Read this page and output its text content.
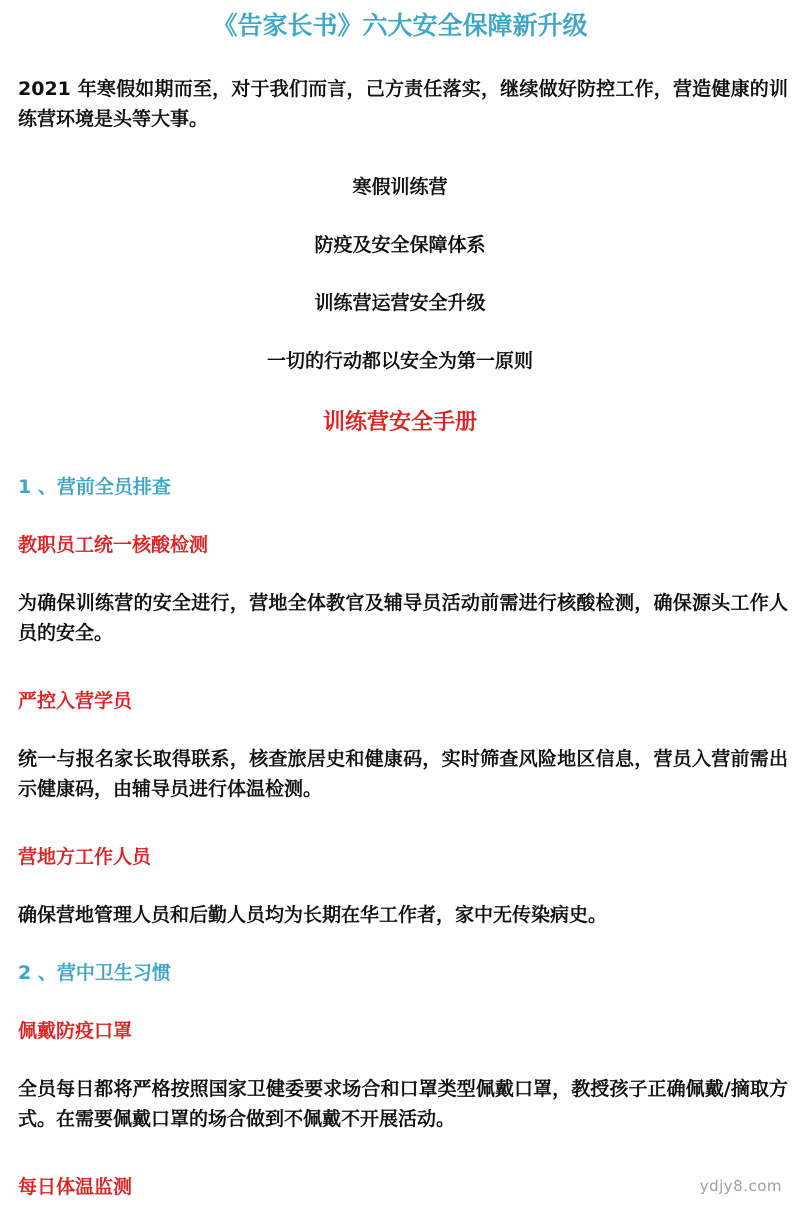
《告家长书》六大安全保障新升级

2021 年寒假如期而至，对于我们而言，己方责任落实，继续做好防控工作，营造健康的训练营环境是头等大事。

寒假训练营

防疫及安全保障体系

训练营运营安全升级

一切的行动都以安全为第一原则

训练营安全手册
1 、营前全员排查
教职员工统一核酸检测

为确保训练营的安全进行，营地全体教官及辅导员活动前需进行核酸检测，确保源头工作人员的安全。

严控入营学员

统一与报名家长取得联系，核查旅居史和健康码，实时筛查风险地区信息，营员入营前需出示健康码，由辅导员进行体温检测。

营地方工作人员

确保营地管理人员和后勤人员均为长期在华工作者，家中无传染病史。

2 、营中卫生习惯
佩戴防疫口罩

全员每日都将严格按照国家卫健委要求场合和口罩类型佩戴口罩，教授孩子正确佩戴/摘取方式。在需要佩戴口罩的场合做到不佩戴不开展活动。

每日体温监测	ydjy8.com
